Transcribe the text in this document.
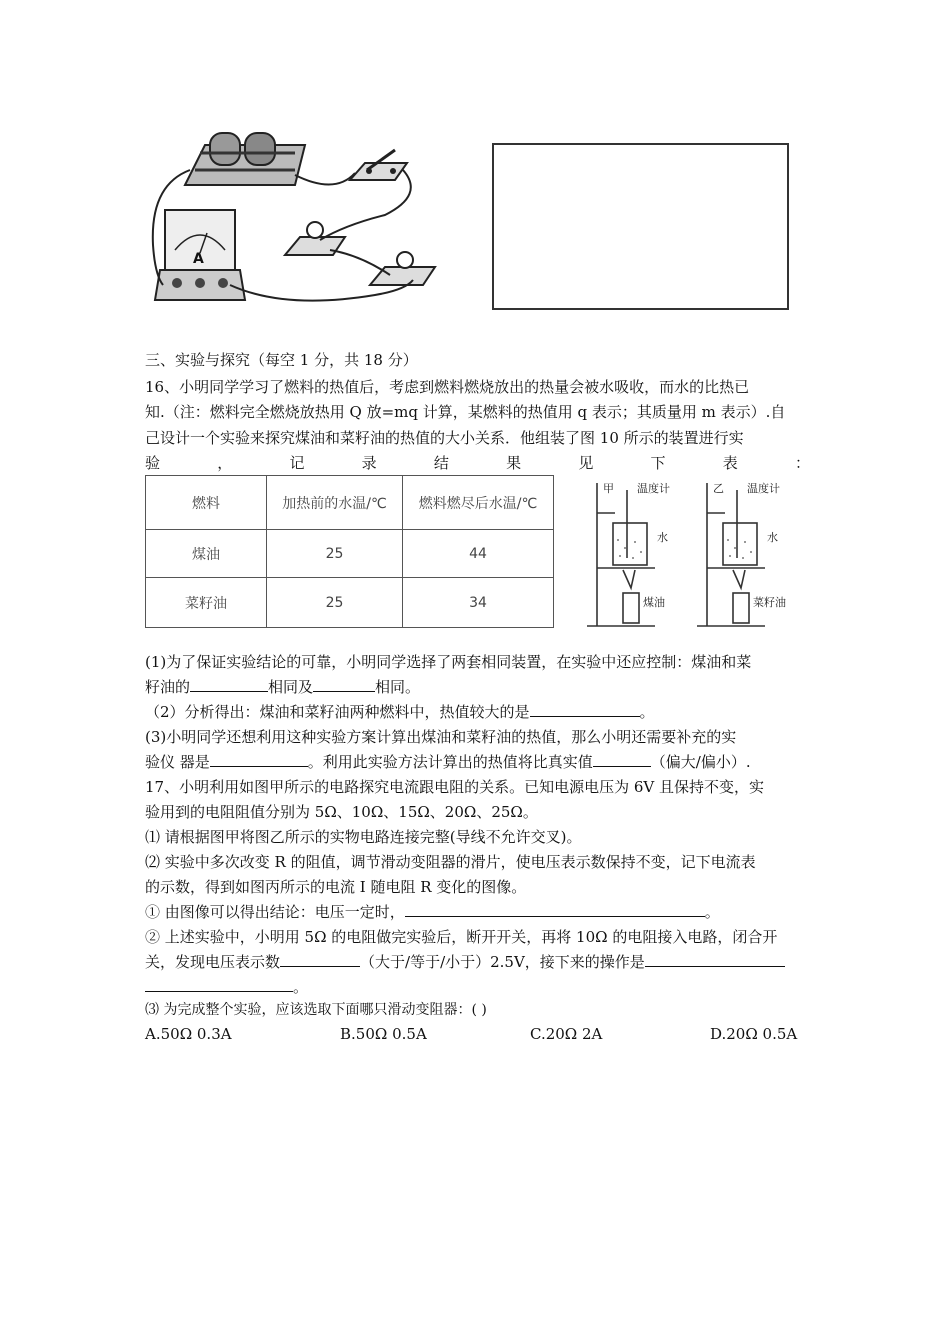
A
三、实验与探究（每空 1 分，共 18 分）
16、小明同学学习了燃料的热值后，考虑到燃料燃烧放出的热量会被水吸收，而水的比热已
知.（注：燃料完全燃烧放热用 Q 放=mq 计算，某燃料的热值用 q 表示；其质量用 m 表示）.自
己设计一个实验来探究煤油和菜籽油的热值的大小关系．他组装了图 10 所示的装置进行实
验	，	记	录	结	果	见	下	表	：
燃料	加热前的水温/℃	燃料燃尽后水温/℃
煤油	25	44
菜籽油	25	34
甲 温度计
水
煤油
乙 温度计
水
菜籽油
(1)为了保证实验结论的可靠，小明同学选择了两套相同装置，在实验中还应控制：煤油和菜
籽油的	相同及	相同。
（2）分析得出：煤油和菜籽油两种燃料中，热值较大的是	。
(3)小明同学还想利用这种实验方案计算出煤油和菜籽油的热值，那么小明还需要补充的实
验仪 器是	。利用此实验方法计算出的热值将比真实值	（偏大/偏小）.
17、小明利用如图甲所示的电路探究电流跟电阻的关系。已知电源电压为 6V 且保持不变，实
验用到的电阻阻值分别为 5Ω、10Ω、15Ω、20Ω、25Ω。
⑴ 请根据图甲将图乙所示的实物电路连接完整(导线不允许交叉)。
⑵ 实验中多次改变 R 的阻值，调节滑动变阻器的滑片，使电压表示数保持不变，记下电流表
的示数，得到如图丙所示的电流 I 随电阻 R 变化的图像。
① 由图像可以得出结论：电压一定时，	。
② 上述实验中，小明用 5Ω 的电阻做完实验后，断开开关，再将 10Ω 的电阻接入电路，闭合开
关，发现电压表示数	（大于/等于/小于）2.5V，接下来的操作是
。
⑶ 为完成整个实验，应该选取下面哪只滑动变阻器：( )
A.50Ω 0.3A	B.50Ω 0.5A	C.20Ω 2A	D.20Ω 0.5A
